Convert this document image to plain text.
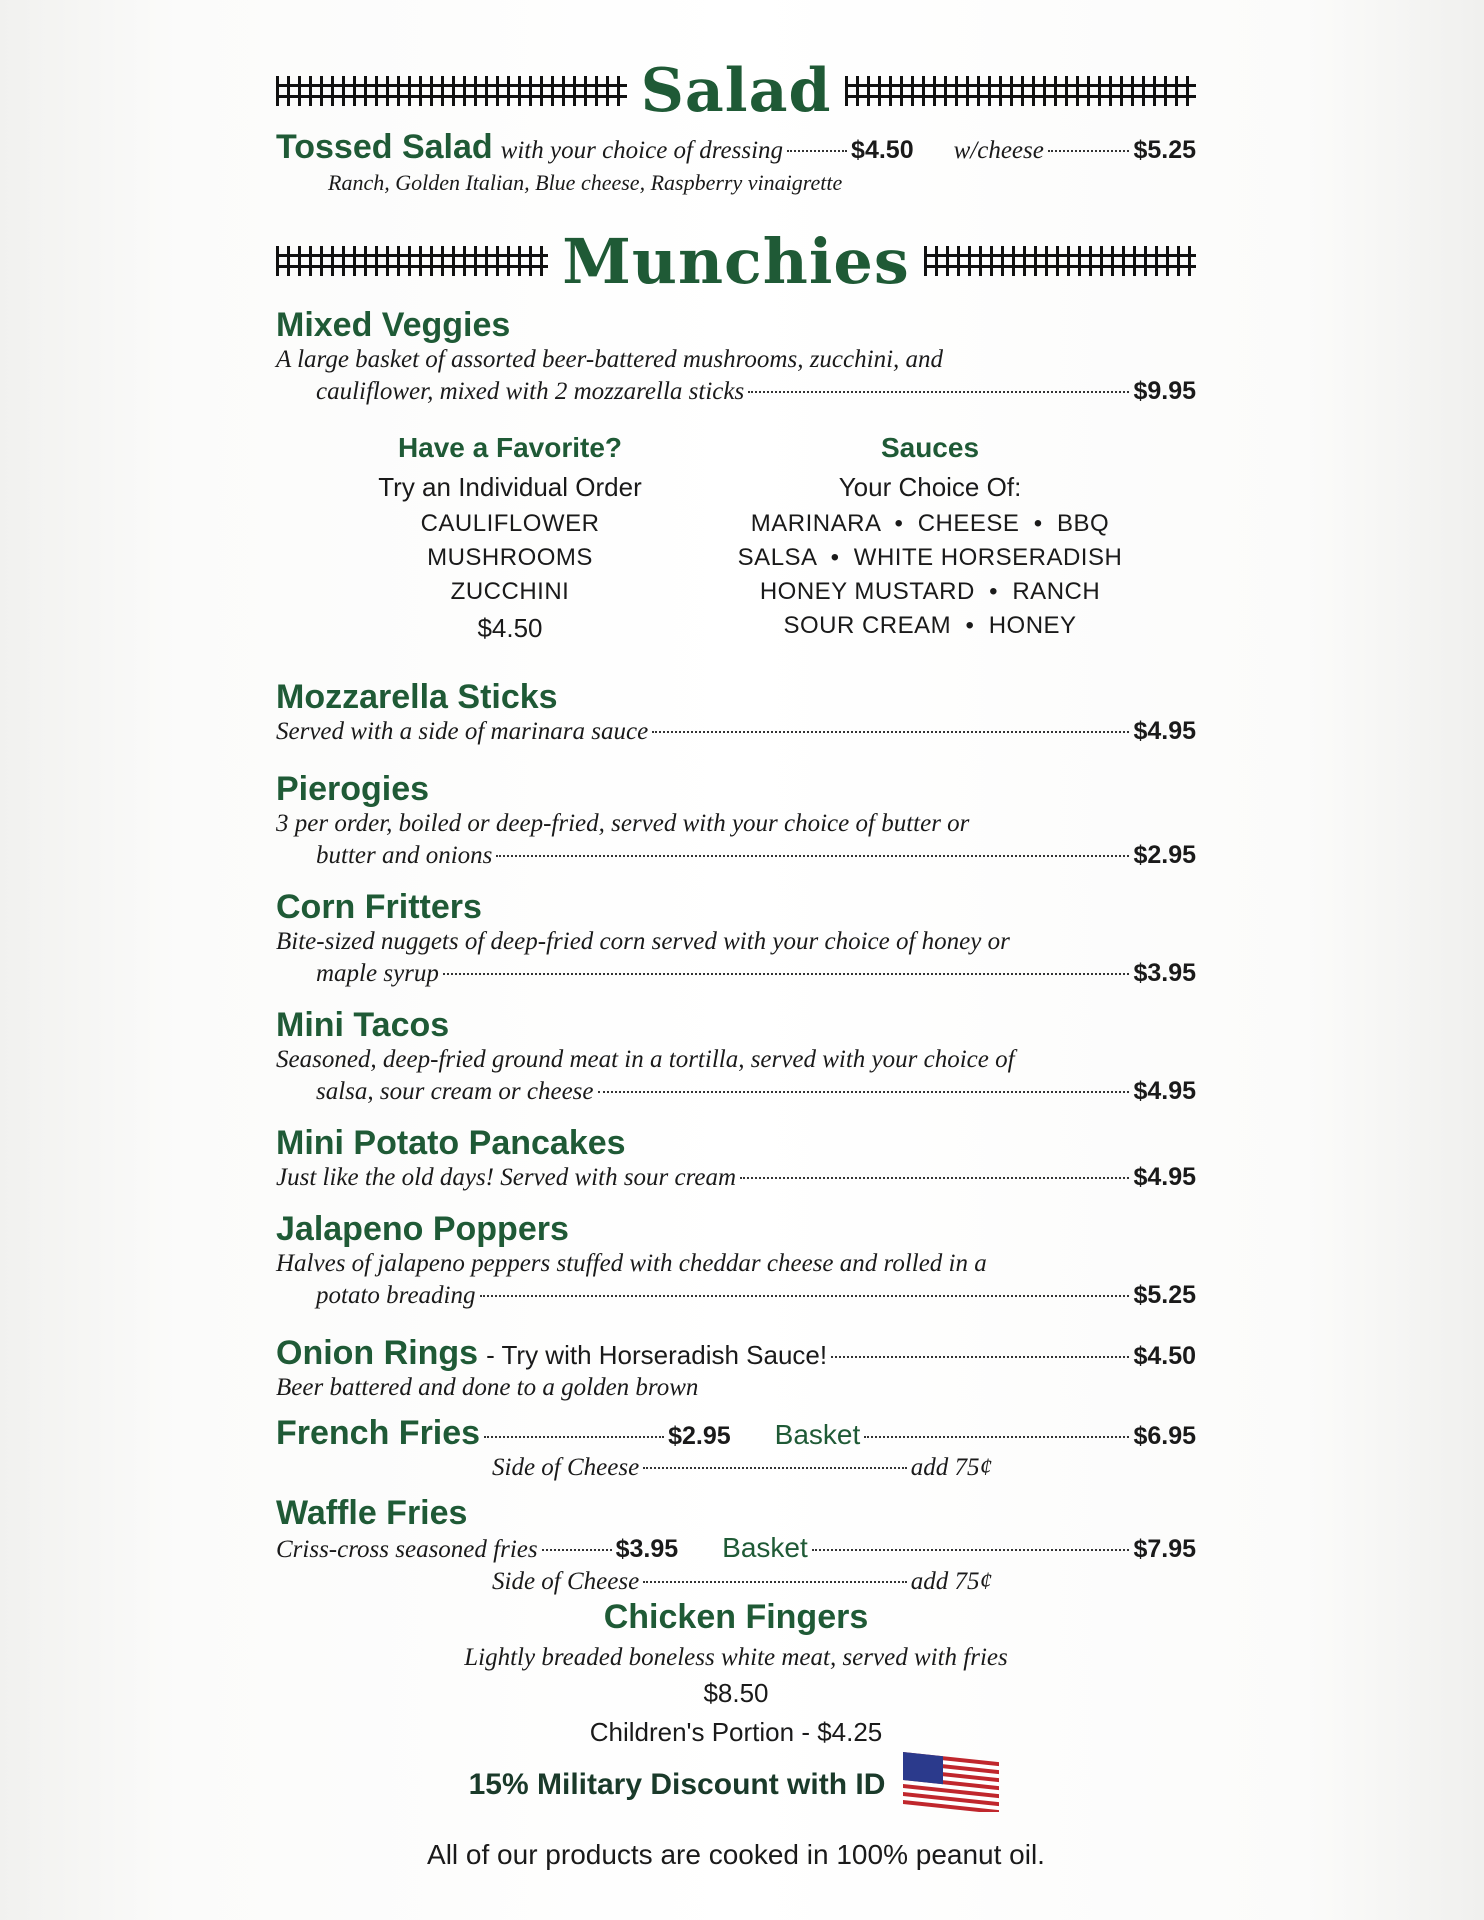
Salad
Tossed Salad with your choice of dressing	$4.50 w/cheese	$5.25
Ranch, Golden Italian, Blue cheese, Raspberry vinaigrette
Munchies
Mixed Veggies
A large basket of assorted beer-battered mushrooms, zucchini, and
cauliflower, mixed with 2 mozzarella sticks	$9.95
Have a Favorite?
Try an Individual Order
CAULIFLOWER
MUSHROOMS
ZUCCHINI
$4.50
Sauces
Your Choice Of:
MARINARA  •  CHEESE  •  BBQ
SALSA  •  WHITE HORSERADISH
HONEY MUSTARD  •  RANCH
SOUR CREAM  •  HONEY
Mozzarella Sticks
Served with a side of marinara sauce	$4.95
Pierogies
3 per order, boiled or deep-fried, served with your choice of butter or
butter and onions	$2.95
Corn Fritters
Bite-sized nuggets of deep-fried corn served with your choice of honey or
maple syrup	$3.95
Mini Tacos
Seasoned, deep-fried ground meat in a tortilla, served with your choice of
salsa, sour cream or cheese	$4.95
Mini Potato Pancakes
Just like the old days! Served with sour cream	$4.95
Jalapeno Poppers
Halves of jalapeno peppers stuffed with cheddar cheese and rolled in a
potato breading	$5.25
Onion Rings - Try with Horseradish Sauce!	$4.50
Beer battered and done to a golden brown
French Fries	$2.95 Basket	$6.95
Side of Cheese	add 75¢
Waffle Fries
Criss-cross seasoned fries	$3.95 Basket	$7.95
Side of Cheese	add 75¢
Chicken Fingers
Lightly breaded boneless white meat, served with fries
$8.50
Children's Portion - $4.25
15% Military Discount with ID
All of our products are cooked in 100% peanut oil.
